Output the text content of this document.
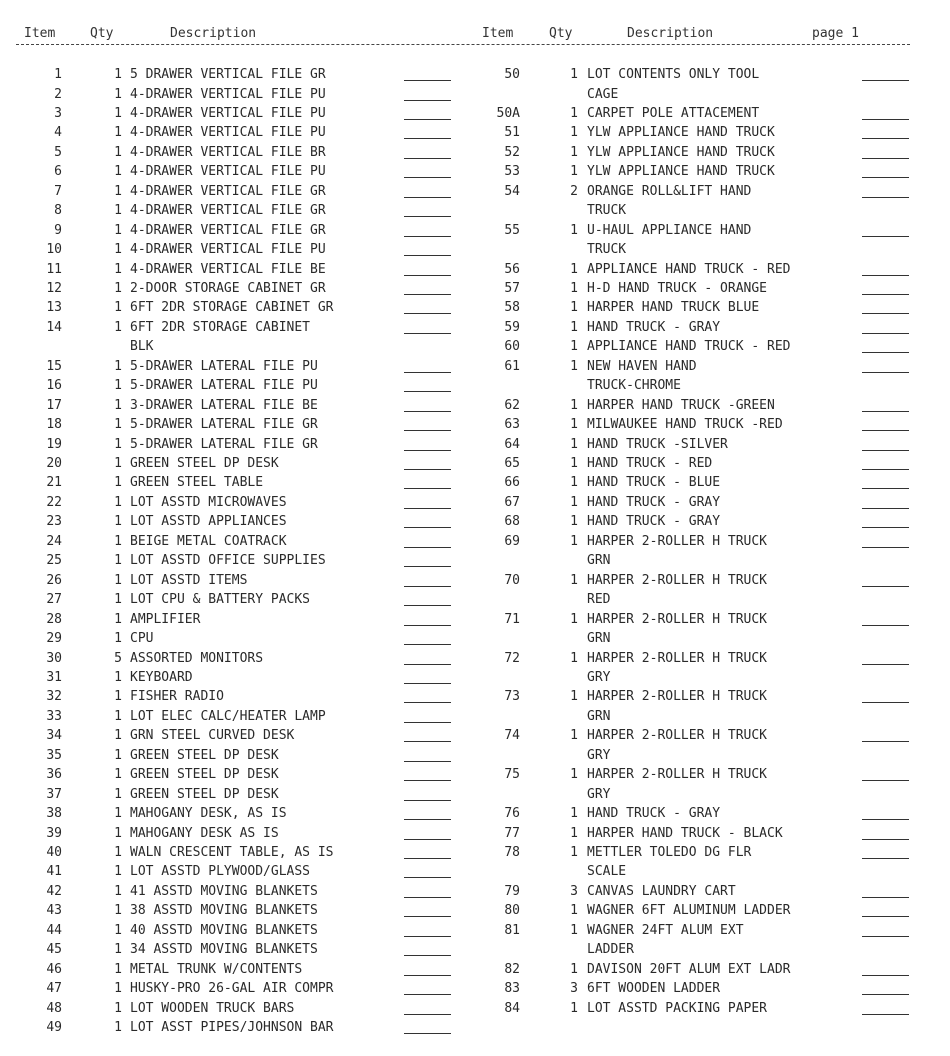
Item	Qty	Description	Item	Qty	Description	page 1
1	1 5 DRAWER VERTICAL FILE GR
2	1 4-DRAWER VERTICAL FILE PU
3	1 4-DRAWER VERTICAL FILE PU
4	1 4-DRAWER VERTICAL FILE PU
5	1 4-DRAWER VERTICAL FILE BR
6	1 4-DRAWER VERTICAL FILE PU
7	1 4-DRAWER VERTICAL FILE GR
8	1 4-DRAWER VERTICAL FILE GR
9	1 4-DRAWER VERTICAL FILE GR
10	1 4-DRAWER VERTICAL FILE PU
11	1 4-DRAWER VERTICAL FILE BE
12	1 2-DOOR STORAGE CABINET GR
13	1 6FT 2DR STORAGE CABINET GR
14	1 6FT 2DR STORAGE CABINET
BLK
15	1 5-DRAWER LATERAL FILE PU
16	1 5-DRAWER LATERAL FILE PU
17	1 3-DRAWER LATERAL FILE BE
18	1 5-DRAWER LATERAL FILE GR
19	1 5-DRAWER LATERAL FILE GR
20	1 GREEN STEEL DP DESK
21	1 GREEN STEEL TABLE
22	1 LOT ASSTD MICROWAVES
23	1 LOT ASSTD APPLIANCES
24	1 BEIGE METAL COATRACK
25	1 LOT ASSTD OFFICE SUPPLIES
26	1 LOT ASSTD ITEMS
27	1 LOT CPU & BATTERY PACKS
28	1 AMPLIFIER
29	1 CPU
30	5 ASSORTED MONITORS
31	1 KEYBOARD
32	1 FISHER RADIO
33	1 LOT ELEC CALC/HEATER LAMP
34	1 GRN STEEL CURVED DESK
35	1 GREEN STEEL DP DESK
36	1 GREEN STEEL DP DESK
37	1 GREEN STEEL DP DESK
38	1 MAHOGANY DESK, AS IS
39	1 MAHOGANY DESK AS IS
40	1 WALN CRESCENT TABLE, AS IS
41	1 LOT ASSTD PLYWOOD/GLASS
42	1 41 ASSTD MOVING BLANKETS
43	1 38 ASSTD MOVING BLANKETS
44	1 40 ASSTD MOVING BLANKETS
45	1 34 ASSTD MOVING BLANKETS
46	1 METAL TRUNK W/CONTENTS
47	1 HUSKY-PRO 26-GAL AIR COMPR
48	1 LOT WOODEN TRUCK BARS
49	1 LOT ASST PIPES/JOHNSON BAR
50	1 LOT CONTENTS ONLY TOOL
CAGE
50A	1 CARPET POLE ATTACEMENT
51	1 YLW APPLIANCE HAND TRUCK
52	1 YLW APPLIANCE HAND TRUCK
53	1 YLW APPLIANCE HAND TRUCK
54	2 ORANGE ROLL&LIFT HAND
TRUCK
55	1 U-HAUL APPLIANCE HAND
TRUCK
56	1 APPLIANCE HAND TRUCK - RED
57	1 H-D HAND TRUCK - ORANGE
58	1 HARPER HAND TRUCK BLUE
59	1 HAND TRUCK - GRAY
60	1 APPLIANCE HAND TRUCK - RED
61	1 NEW HAVEN HAND
TRUCK-CHROME
62	1 HARPER HAND TRUCK -GREEN
63	1 MILWAUKEE HAND TRUCK -RED
64	1 HAND TRUCK -SILVER
65	1 HAND TRUCK - RED
66	1 HAND TRUCK - BLUE
67	1 HAND TRUCK - GRAY
68	1 HAND TRUCK - GRAY
69	1 HARPER 2-ROLLER H TRUCK
GRN
70	1 HARPER 2-ROLLER H TRUCK
RED
71	1 HARPER 2-ROLLER H TRUCK
GRN
72	1 HARPER 2-ROLLER H TRUCK
GRY
73	1 HARPER 2-ROLLER H TRUCK
GRN
74	1 HARPER 2-ROLLER H TRUCK
GRY
75	1 HARPER 2-ROLLER H TRUCK
GRY
76	1 HAND TRUCK - GRAY
77	1 HARPER HAND TRUCK - BLACK
78	1 METTLER TOLEDO DG FLR
SCALE
79	3 CANVAS LAUNDRY CART
80	1 WAGNER 6FT ALUMINUM LADDER
81	1 WAGNER 24FT ALUM EXT
LADDER
82	1 DAVISON 20FT ALUM EXT LADR
83	3 6FT WOODEN LADDER
84	1 LOT ASSTD PACKING PAPER
